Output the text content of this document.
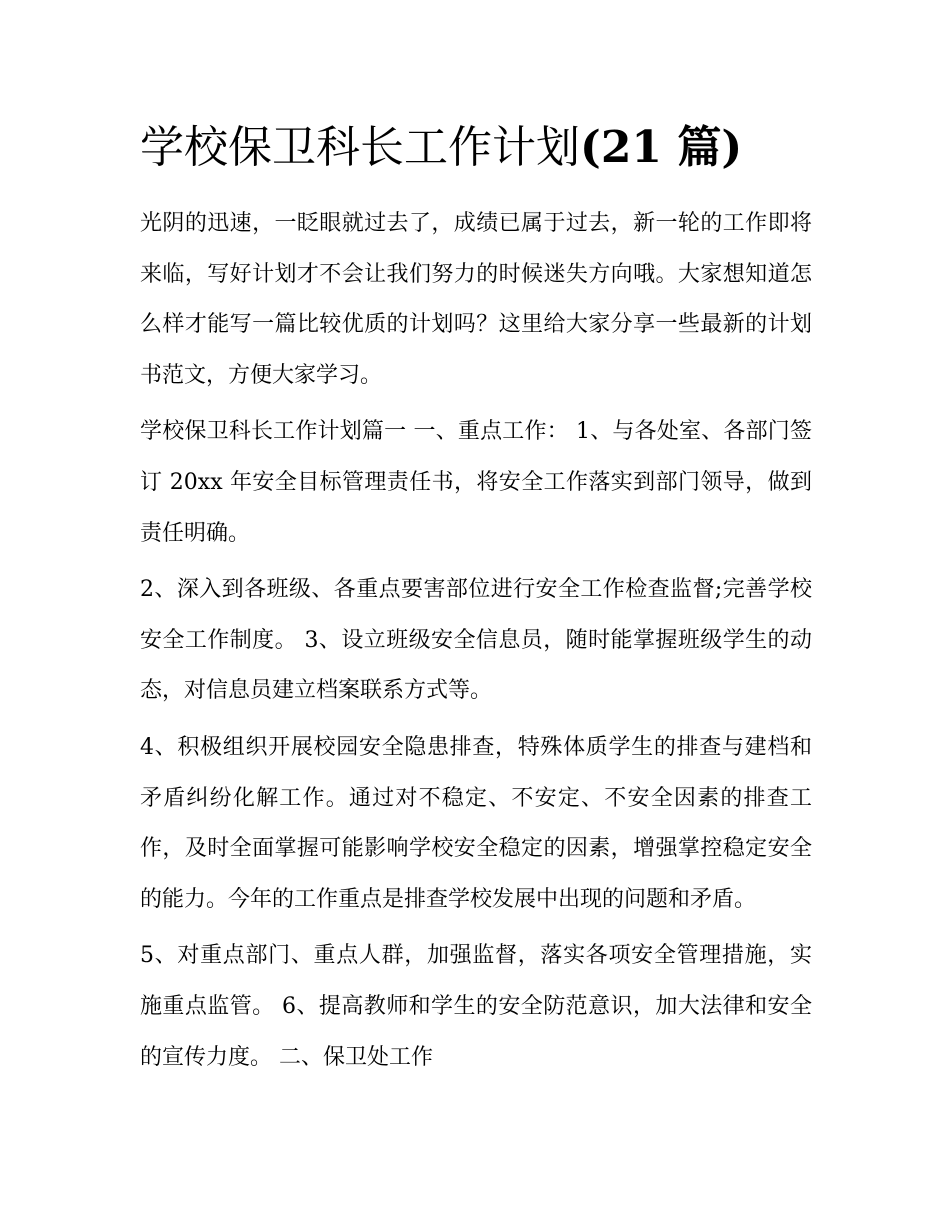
学校保卫科长工作计划(21 篇)

光阴的迅速，一眨眼就过去了，成绩已属于过去，新一轮的工作即将来临，写好计划才不会让我们努力的时候迷失方向哦。大家想知道怎么样才能写一篇比较优质的计划吗？这里给大家分享一些最新的计划书范文，方便大家学习。

学校保卫科长工作计划篇一 一、重点工作： 1、与各处室、各部门签订 20xx 年安全目标管理责任书，将安全工作落实到部门领导，做到责任明确。

2、深入到各班级、各重点要害部位进行安全工作检查监督;完善学校安全工作制度。 3、设立班级安全信息员，随时能掌握班级学生的动态，对信息员建立档案联系方式等。

4、积极组织开展校园安全隐患排查，特殊体质学生的排查与建档和矛盾纠纷化解工作。通过对不稳定、不安定、不安全因素的排查工作，及时全面掌握可能影响学校安全稳定的因素，增强掌控稳定安全的能力。今年的工作重点是排查学校发展中出现的问题和矛盾。

5、对重点部门、重点人群，加强监督，落实各项安全管理措施，实施重点监管。 6、提高教师和学生的安全防范意识，加大法律和安全的宣传力度。 二、保卫处工作
